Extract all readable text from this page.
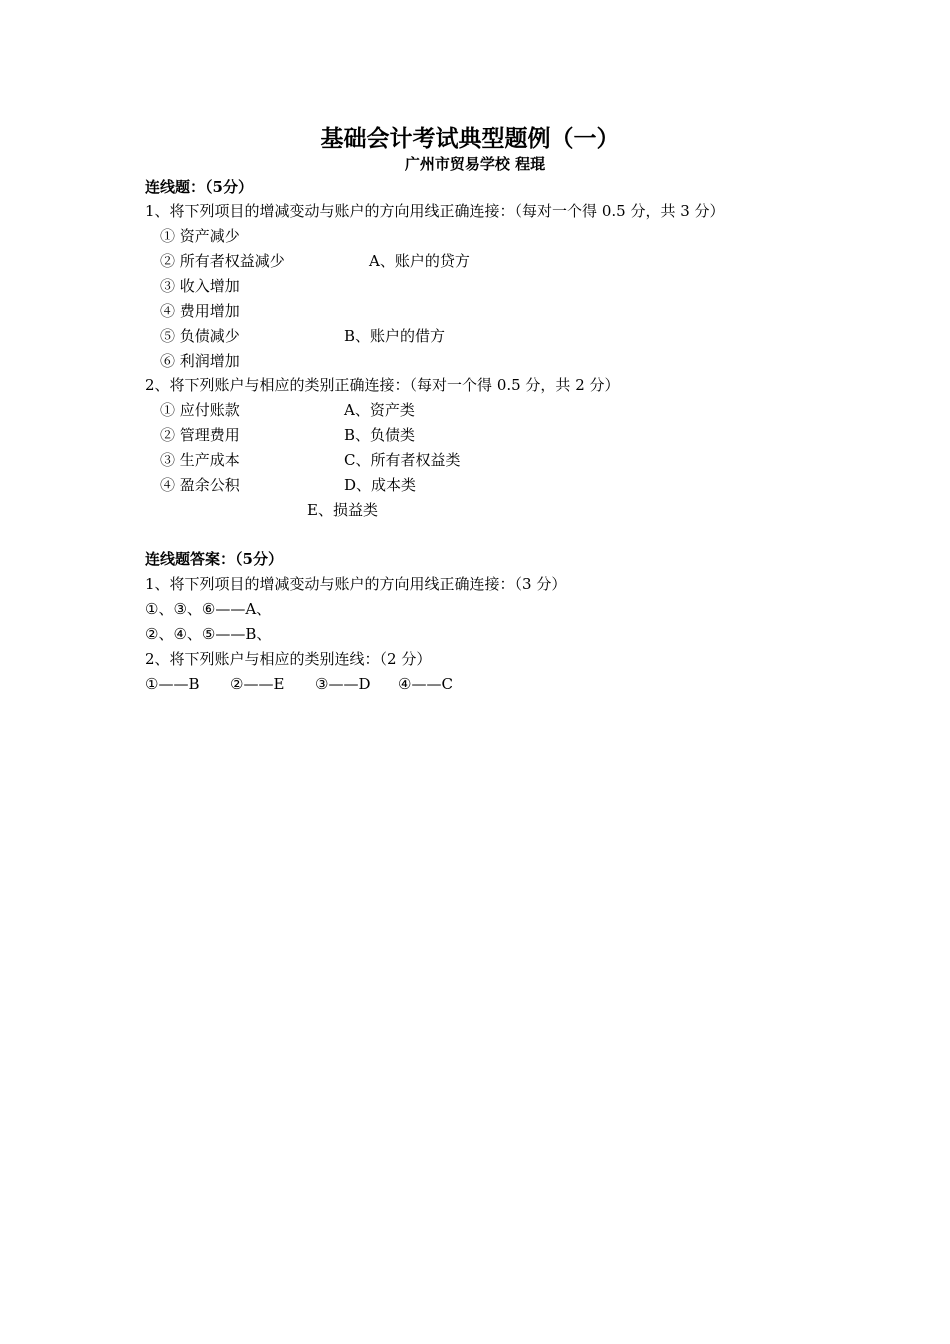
基础会计考试典型题例（一）
广州市贸易学校 程琨
连线题：（5分）
1、将下列项目的增减变动与账户的方向用线正确连接：（每对一个得 0.5 分，共 3 分）
① 资产减少
② 所有者权益减少	A、账户的贷方
③ 收入增加
④ 费用增加
⑤ 负债减少	B、账户的借方
⑥ 利润增加
2、将下列账户与相应的类别正确连接：（每对一个得 0.5 分，共 2 分）
① 应付账款	A、资产类
② 管理费用	B、负债类
③ 生产成本	C、所有者权益类
④ 盈余公积	D、成本类
E、损益类
连线题答案：（5分）
1、将下列项目的增减变动与账户的方向用线正确连接：（3 分）
①、③、⑥——A、
②、④、⑤——B、
2、将下列账户与相应的类别连线：（2 分）
①——B ②——E ③——D ④——C
